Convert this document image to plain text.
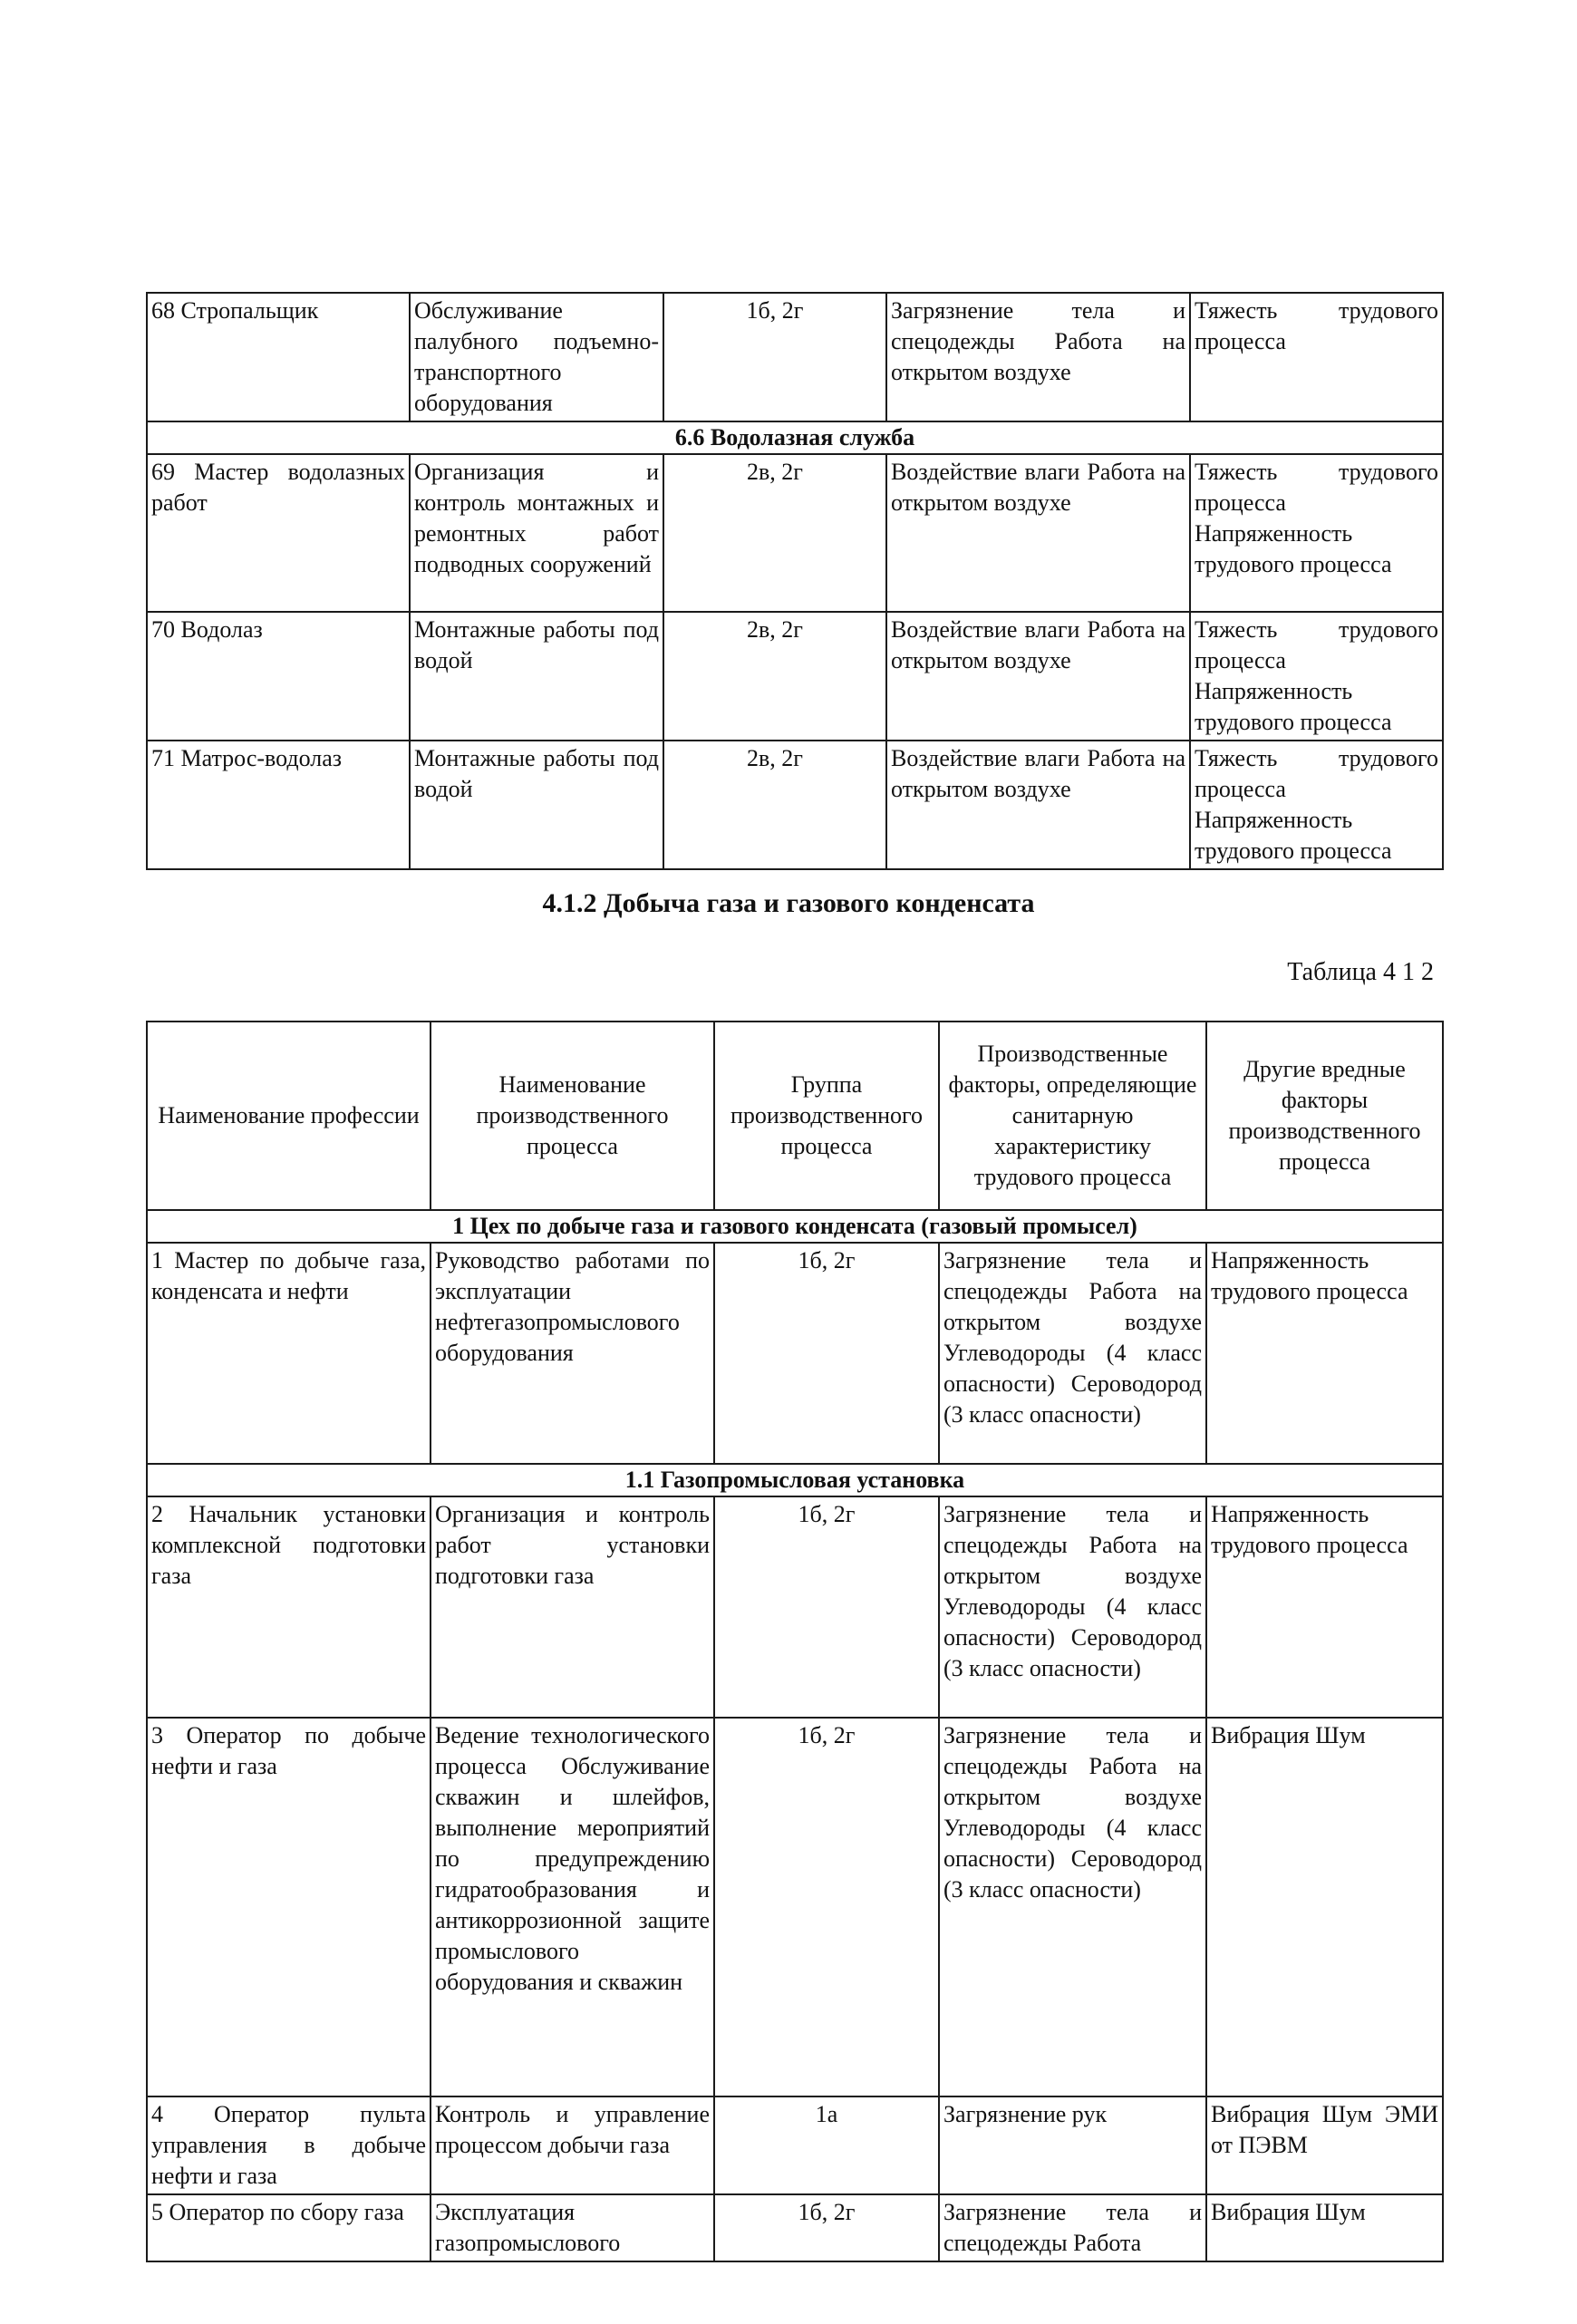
68 Стропальщик	Обслуживание палубного подъемно-транспортного оборудования	1б, 2г	Загрязнение тела и спецодежды Работа на открытом воздухе	Тяжесть трудового процесса
6.6 Водолазная служба				
69 Мастер водолазных работ	Организация и контроль монтажных и ремонтных работ подводных сооружений	2в, 2г	Воздействие влаги Работа на открытом воздухе	Тяжесть трудового процесса Напряженность трудового процесса
70 Водолаз	Монтажные работы под водой	2в, 2г	Воздействие влаги Работа на открытом воздухе	Тяжесть трудового процесса Напряженность трудового процесса
71 Матрос-водолаз	Монтажные работы под водой	2в, 2г	Воздействие влаги Работа на открытом воздухе	Тяжесть трудового процесса Напряженность трудового процесса
4.1.2 Добыча газа и газового конденсата
Таблица 4 1 2
Наименование профессии	Наименование производственного процесса	Группа производственного процесса	Производственные факторы, определяющие санитарную характеристику трудового процесса	Другие вредные факторы производственного процесса
1 Цех по добыче газа и газового конденсата (газовый промысел)				
1 Мастер по добыче газа, конденсата и нефти	Руководство работами по эксплуатации нефтегазопромыслового оборудования	1б, 2г	Загрязнение тела и спецодежды Работа на открытом воздухе Углеводороды (4 класс опасности) Сероводород (3 класс опасности)	Напряженность трудового процесса
1.1 Газопромысловая установка				
2 Начальник установки комплексной подготовки газа	Организация и контроль работ установки подготовки газа	1б, 2г	Загрязнение тела и спецодежды Работа на открытом воздухе Углеводороды (4 класс опасности) Сероводород (3 класс опасности)	Напряженность трудового процесса
3 Оператор по добыче нефти и газа	Ведение технологического процесса Обслуживание скважин и шлейфов, выполнение мероприятий по предупреждению гидратообразования и антикоррозионной защите промыслового оборудования и скважин	1б, 2г	Загрязнение тела и спецодежды Работа на открытом воздухе Углеводороды (4 класс опасности) Сероводород (3 класс опасности)	Вибрация Шум
4 Оператор пульта управления в добыче нефти и газа	Контроль и управление процессом добычи газа	1а	Загрязнение рук	Вибрация Шум ЭМИ от ПЭВМ
5 Оператор по сбору газа	Эксплуатация газопромыслового	1б, 2г	Загрязнение тела и спецодежды Работа	Вибрация Шум
